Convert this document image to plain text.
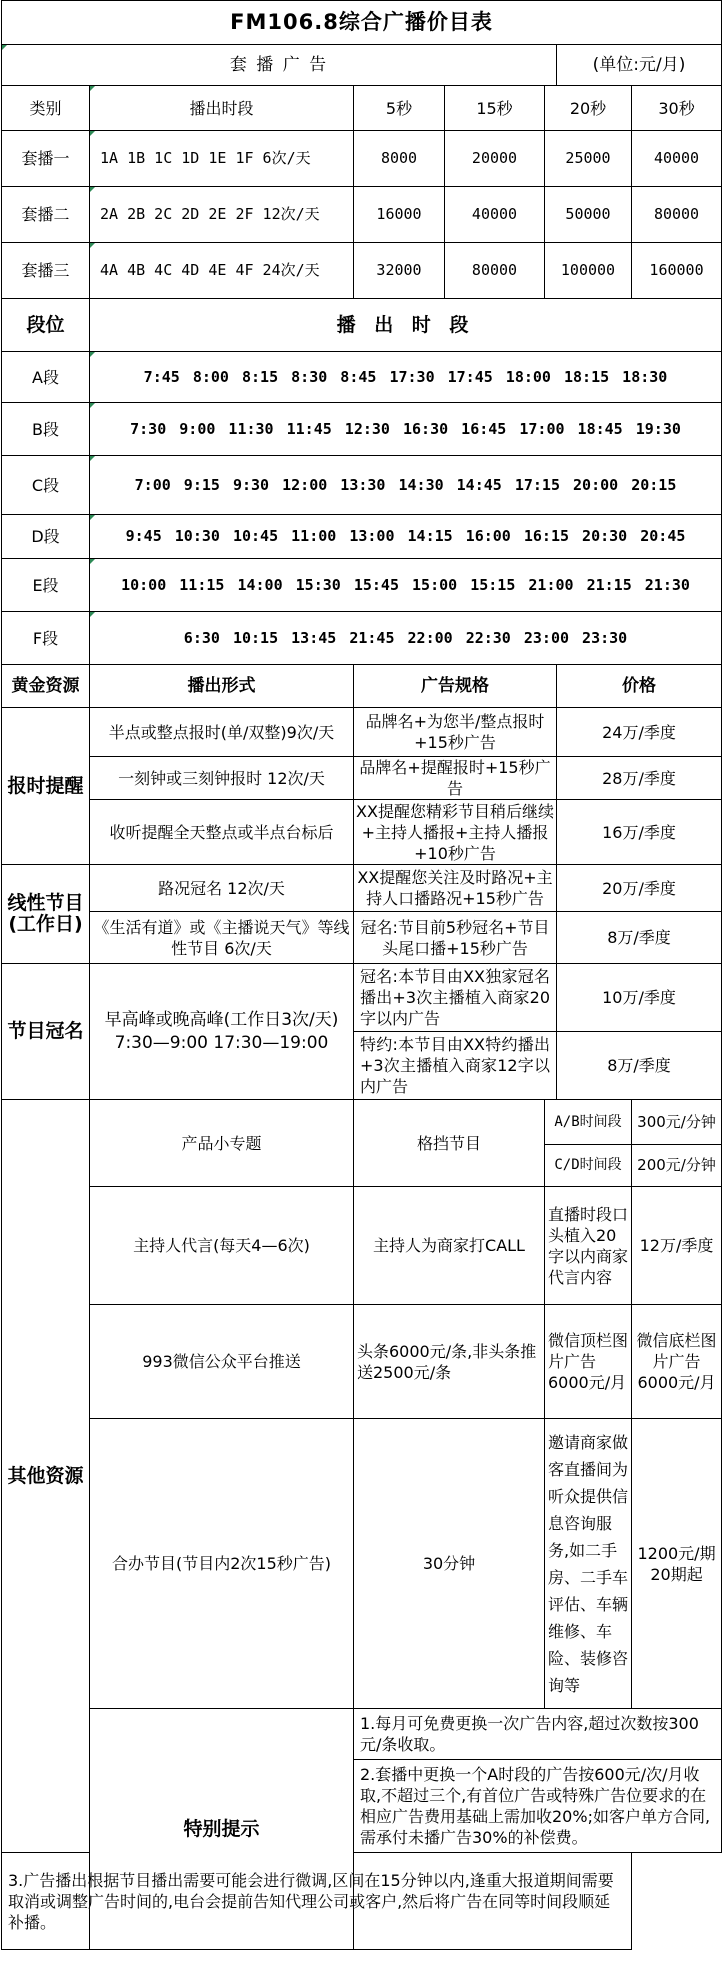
FM106.8综合广播价目表						
套 播 广 告					(单位:元/月)	
类别	播出时段	5秒	15秒	20秒		30秒
套播一	1A 1B 1C 1D 1E 1F 6次/天	8000	20000	25000		40000
套播二	2A 2B 2C 2D 2E 2F 12次/天	16000	40000	50000		80000
套播三	4A 4B 4C 4D 4E 4F 24次/天	32000	80000	100000		160000
段位	播 出 时 段					
A段	7:45 8:00 8:15 8:30 8:45 17:30 17:45 18:00 18:15 18:30					
B段	7:30 9:00 11:30 11:45 12:30 16:30 16:45 17:00 18:45 19:30					
C段	7:00 9:15 9:30 12:00 13:30 14:30 14:45 17:15 20:00 20:15					
D段	9:45 10:30 10:45 11:00 13:00 14:15 16:00 16:15 20:30 20:45					
E段	10:00 11:15 14:00 15:30 15:45 15:00 15:15 21:00 21:15 21:30					
F段	6:30 10:15 13:45 21:45 22:00 22:30 23:00 23:30					
黄金资源	播出形式	广告规格			价格	
报时提醒	半点或整点报时(单/双整)9次/天	品牌名+为您半/整点报时+15秒广告			24万/季度	
	一刻钟或三刻钟报时 12次/天	品牌名+提醒报时+15秒广告			28万/季度	
	收听提醒全天整点或半点台标后	XX提醒您精彩节目稍后继续+主持人播报+主持人播报+10秒广告			16万/季度	
线性节目(工作日)	路况冠名 12次/天	XX提醒您关注及时路况+主持人口播路况+15秒广告			20万/季度	
	《生活有道》或《主播说天气》等线性节目 6次/天	冠名:节目前5秒冠名+节目头尾口播+15秒广告			8万/季度	
节目冠名	早高峰或晚高峰(工作日3次/天) 7:30—9:00 17:30—19:00	冠名:本节目由XX独家冠名播出+3次主播植入商家20字以内广告			10万/季度	
		特约:本节目由XX特约播出+3次主播植入商家12字以内广告			8万/季度	
其他资源	产品小专题	格挡节目		A/B时间段		300元/分钟
				C/D时间段		200元/分钟
	主持人代言(每天4—6次)	主持人为商家打CALL		直播时段口头植入20字以内商家代言内容		12万/季度
	993微信公众平台推送	头条6000元/条,非头条推送2500元/条		微信顶栏图片广告6000元/月		微信底栏图片广告6000元/月
	合办节目(节目内2次15秒广告)	30分钟		邀请商家做客直播间为听众提供信息咨询服务,如二手房、二手车评估、车辆维修、车险、装修咨询等		1200元/期20期起
	特别提示	1.每月可免费更换一次广告内容,超过次数按300元/条收取。				
		2.套播中更换一个A时段的广告按600元/次/月收取,不超过三个,有首位广告或特殊广告位要求的在相应广告费用基础上需加收20%;如客户单方合同,需承付未播广告30%的补偿费。				
3.广告播出根据节目播出需要可能会进行微调,区间在15分钟以内,逢重大报道期间需要取消或调整广告时间的,电台会提前告知代理公司或客户,然后将广告在同等时间段顺延补播。						
